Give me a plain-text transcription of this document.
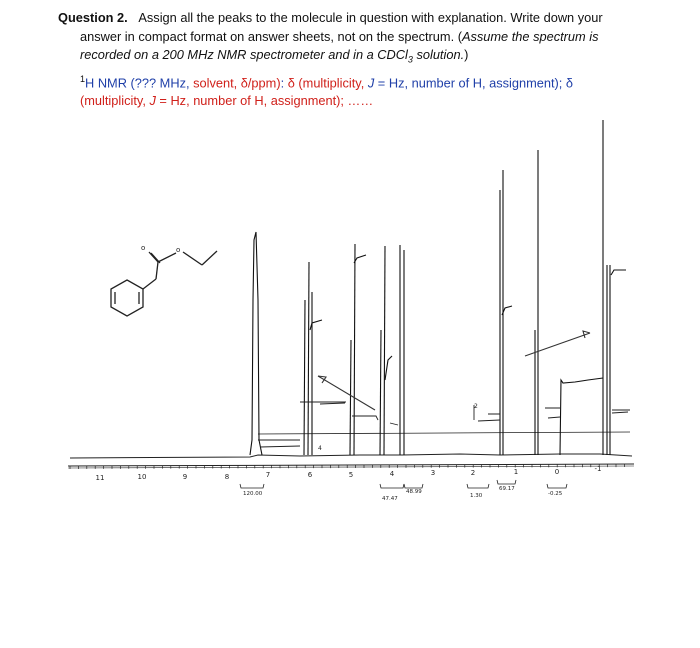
Question 2. Assign all the peaks to the molecule in question with explanation. Write down your

answer in compact format on answer sheets, not on the spectrum. (Assume the spectrum is

recorded on a 200 MHz NMR spectrometer and in a CDCl$_3$ solution.)

$^1$H NMR (??? MHz, solvent, δ/ppm): δ (multiplicity, J = Hz, number of H, assignment); δ

(multiplicity, J = Hz, number of H, assignment); ……

o	o
11	10	9	8	7	6	5	4	3	2	1	0	-1
120.00
47.47
48.99
1.30
69.17
-0.25
4
2
